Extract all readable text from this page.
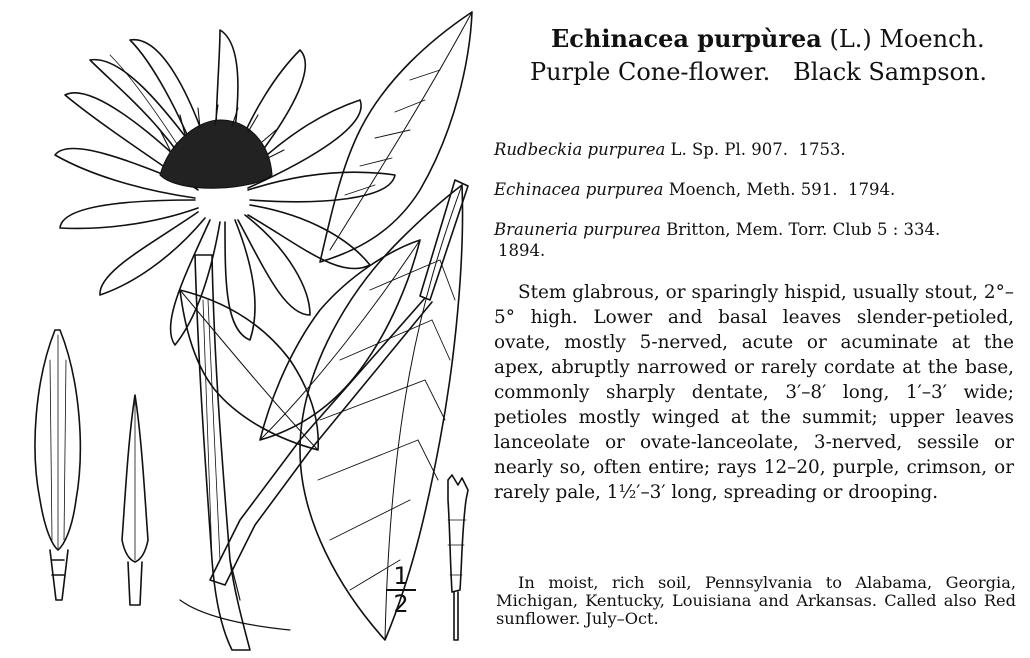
Echinacea purpùrea (L.) Moench.
Purple Cone-flower.   Black Sampson.
Rudbeckia purpurea L. Sp. Pl. 907.  1753.
Echinacea purpurea Moench, Meth. 591.  1794.
Brauneria purpurea Britton, Mem. Torr. Club 5 : 334.
1894.
Stem glabrous, or sparingly hispid, usually stout, 2°–5° high. Lower and basal leaves slender-petioled, ovate, mostly 5-nerved, acute or acuminate at the apex, abruptly narrowed or rarely cordate at the base, commonly sharply dentate, 3′–8′ long, 1′–3′ wide; petioles mostly winged at the summit; upper leaves lanceolate or ovate-lanceolate, 3-nerved, sessile or nearly so, often entire; rays 12–20, purple, crimson, or rarely pale, 1½′–3′ long, spreading or drooping.
In moist, rich soil, Pennsylvania to Alabama, Georgia, Michigan, Kentucky, Louisiana and Arkansas. Called also Red sunflower. July–Oct.
$\frac{1}{2}$
